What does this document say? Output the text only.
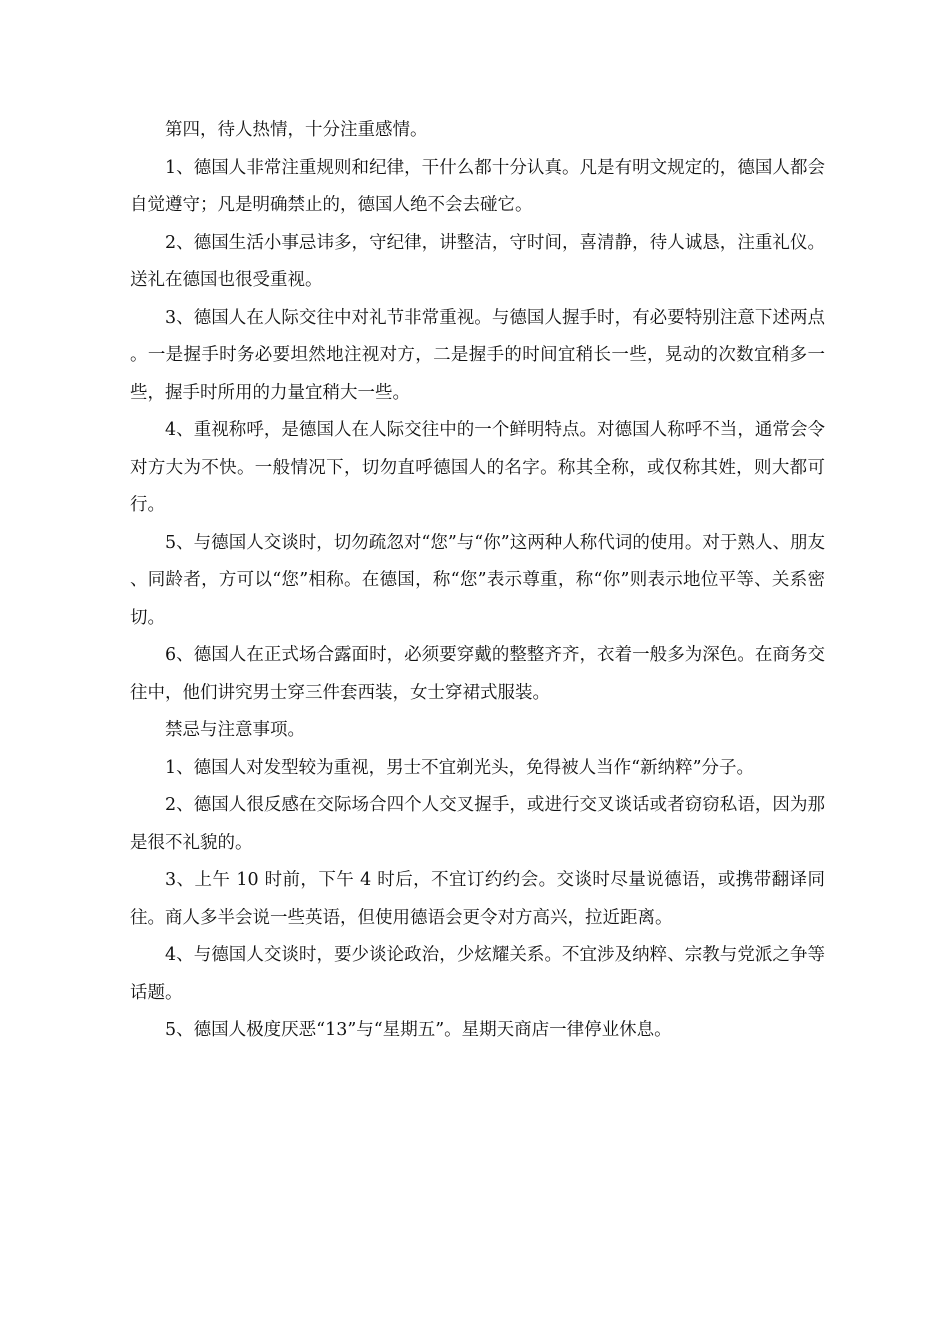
第四，待人热情，十分注重感情。

1、德国人非常注重规则和纪律，干什么都十分认真。凡是有明文规定的，德国人都会自觉遵守；凡是明确禁止的，德国人绝不会去碰它。

2、德国生活小事忌讳多，守纪律，讲整洁，守时间，喜清静，待人诚恳，注重礼仪。送礼在德国也很受重视。

3、德国人在人际交往中对礼节非常重视。与德国人握手时，有必要特别注意下述两点。一是握手时务必要坦然地注视对方，二是握手的时间宜稍长一些，晃动的次数宜稍多一些，握手时所用的力量宜稍大一些。

4、重视称呼，是德国人在人际交往中的一个鲜明特点。对德国人称呼不当，通常会令对方大为不快。一般情况下，切勿直呼德国人的名字。称其全称，或仅称其姓，则大都可行。

5、与德国人交谈时，切勿疏忽对“您”与“你”这两种人称代词的使用。对于熟人、朋友、同龄者，方可以“您”相称。在德国，称“您”表示尊重，称“你”则表示地位平等、关系密切。

6、德国人在正式场合露面时，必须要穿戴的整整齐齐，衣着一般多为深色。在商务交往中，他们讲究男士穿三件套西装，女士穿裙式服装。

禁忌与注意事项。

1、德国人对发型较为重视，男士不宜剃光头，免得被人当作“新纳粹”分子。

2、德国人很反感在交际场合四个人交叉握手，或进行交叉谈话或者窃窃私语，因为那是很不礼貌的。

3、上午 10 时前，下午 4 时后，不宜订约约会。交谈时尽量说德语，或携带翻译同往。商人多半会说一些英语，但使用德语会更令对方高兴，拉近距离。

4、与德国人交谈时，要少谈论政治，少炫耀关系。不宜涉及纳粹、宗教与党派之争等话题。

5、德国人极度厌恶“13”与“星期五”。星期天商店一律停业休息。
